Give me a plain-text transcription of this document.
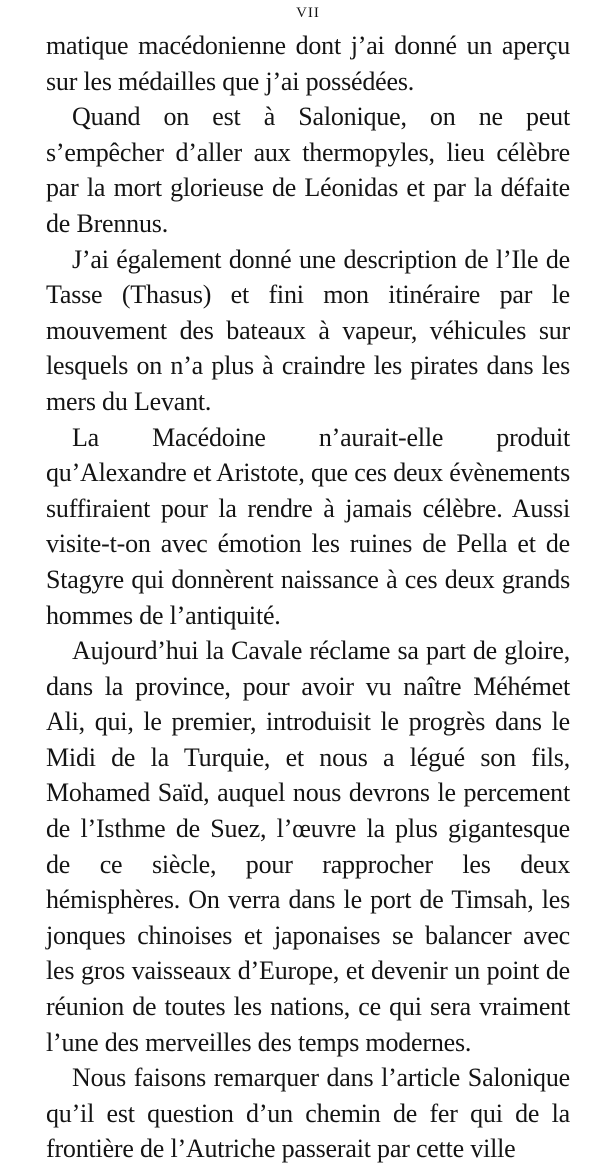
VII

matique macédonienne dont j’ai donné un aperçu sur les médailles que j’ai possédées.

Quand on est à Salonique, on ne peut s’empêcher d’aller aux thermopyles, lieu célèbre par la mort glorieuse de Léonidas et par la défaite de Brennus.

J’ai également donné une description de l’Ile de Tasse (Thasus) et fini mon itinéraire par le mouvement des bateaux à vapeur, véhicules sur lesquels on n’a plus à craindre les pirates dans les mers du Levant.

La Macédoine n’aurait-elle produit qu’Alexandre et Aristote, que ces deux évènements suffiraient pour la rendre à jamais célèbre. Aussi visite-t-on avec émotion les ruines de Pella et de Stagyre qui donnèrent naissance à ces deux grands hommes de l’antiquité.

Aujourd’hui la Cavale réclame sa part de gloire, dans la province, pour avoir vu naître Méhémet Ali, qui, le premier, introduisit le progrès dans le Midi de la Turquie, et nous a légué son fils, Mohamed Saïd, auquel nous devrons le percement de l’Isthme de Suez, l’œuvre la plus gigantesque de ce siècle, pour rapprocher les deux hémisphères. On verra dans le port de Timsah, les jonques chinoises et japonaises se balancer avec les gros vaisseaux d’Europe, et devenir un point de réunion de toutes les nations, ce qui sera vraiment l’une des merveilles des temps modernes.

Nous faisons remarquer dans l’article Salonique qu’il est question d’un chemin de fer qui de la frontière de l’Autriche passerait par cette ville
